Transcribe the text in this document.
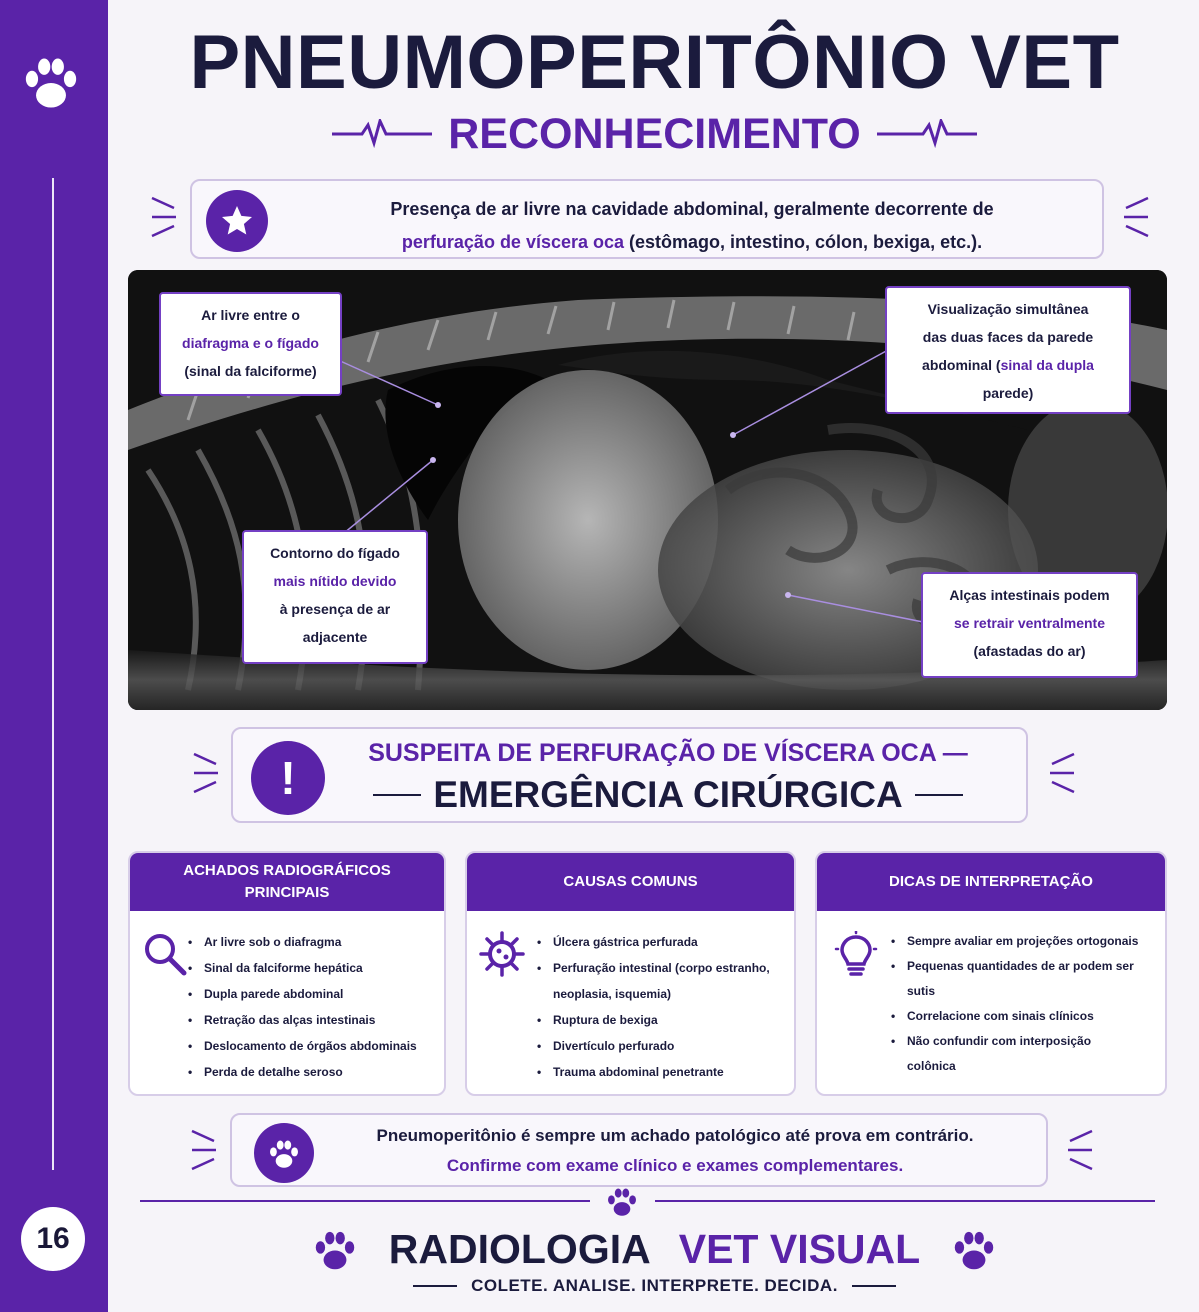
16
PNEUMOPERITÔNIO VET
RECONHECIMENTO
Presença de ar livre na cavidade abdominal, geralmente decorrente de
perfuração de víscera oca (estômago, intestino, cólon, bexiga, etc.).
Ar livre entre o
diafragma e o fígado
(sinal da falciforme)
Contorno do fígado
mais nítido devido
à presença de ar
adjacente
Visualização simultânea
das duas faces da parede
abdominal (sinal da dupla
parede)
Alças intestinais podem
se retrair ventralmente
(afastadas do ar)
!	SUSPEITA DE PERFURAÇÃO DE VÍSCERA OCA —
EMERGÊNCIA CIRÚRGICA
ACHADOS RADIOGRÁFICOS PRINCIPAIS
• Ar livre sob o diafragma
• Sinal da falciforme hepática
• Dupla parede abdominal
• Retração das alças intestinais
• Deslocamento de órgãos abdominais
• Perda de detalhe seroso
CAUSAS COMUNS
• Úlcera gástrica perfurada
• Perfuração intestinal (corpo estranho, neoplasia, isquemia)
• Ruptura de bexiga
• Divertículo perfurado
• Trauma abdominal penetrante
DICAS DE INTERPRETAÇÃO
• Sempre avaliar em projeções ortogonais
• Pequenas quantidades de ar podem ser sutis
• Correlacione com sinais clínicos
• Não confundir com interposição colônica
Pneumoperitônio é sempre um achado patológico até prova em contrário.
Confirme com exame clínico e exames complementares.
RADIOLOGIA VET VISUAL
COLETE. ANALISE. INTERPRETE. DECIDA.
